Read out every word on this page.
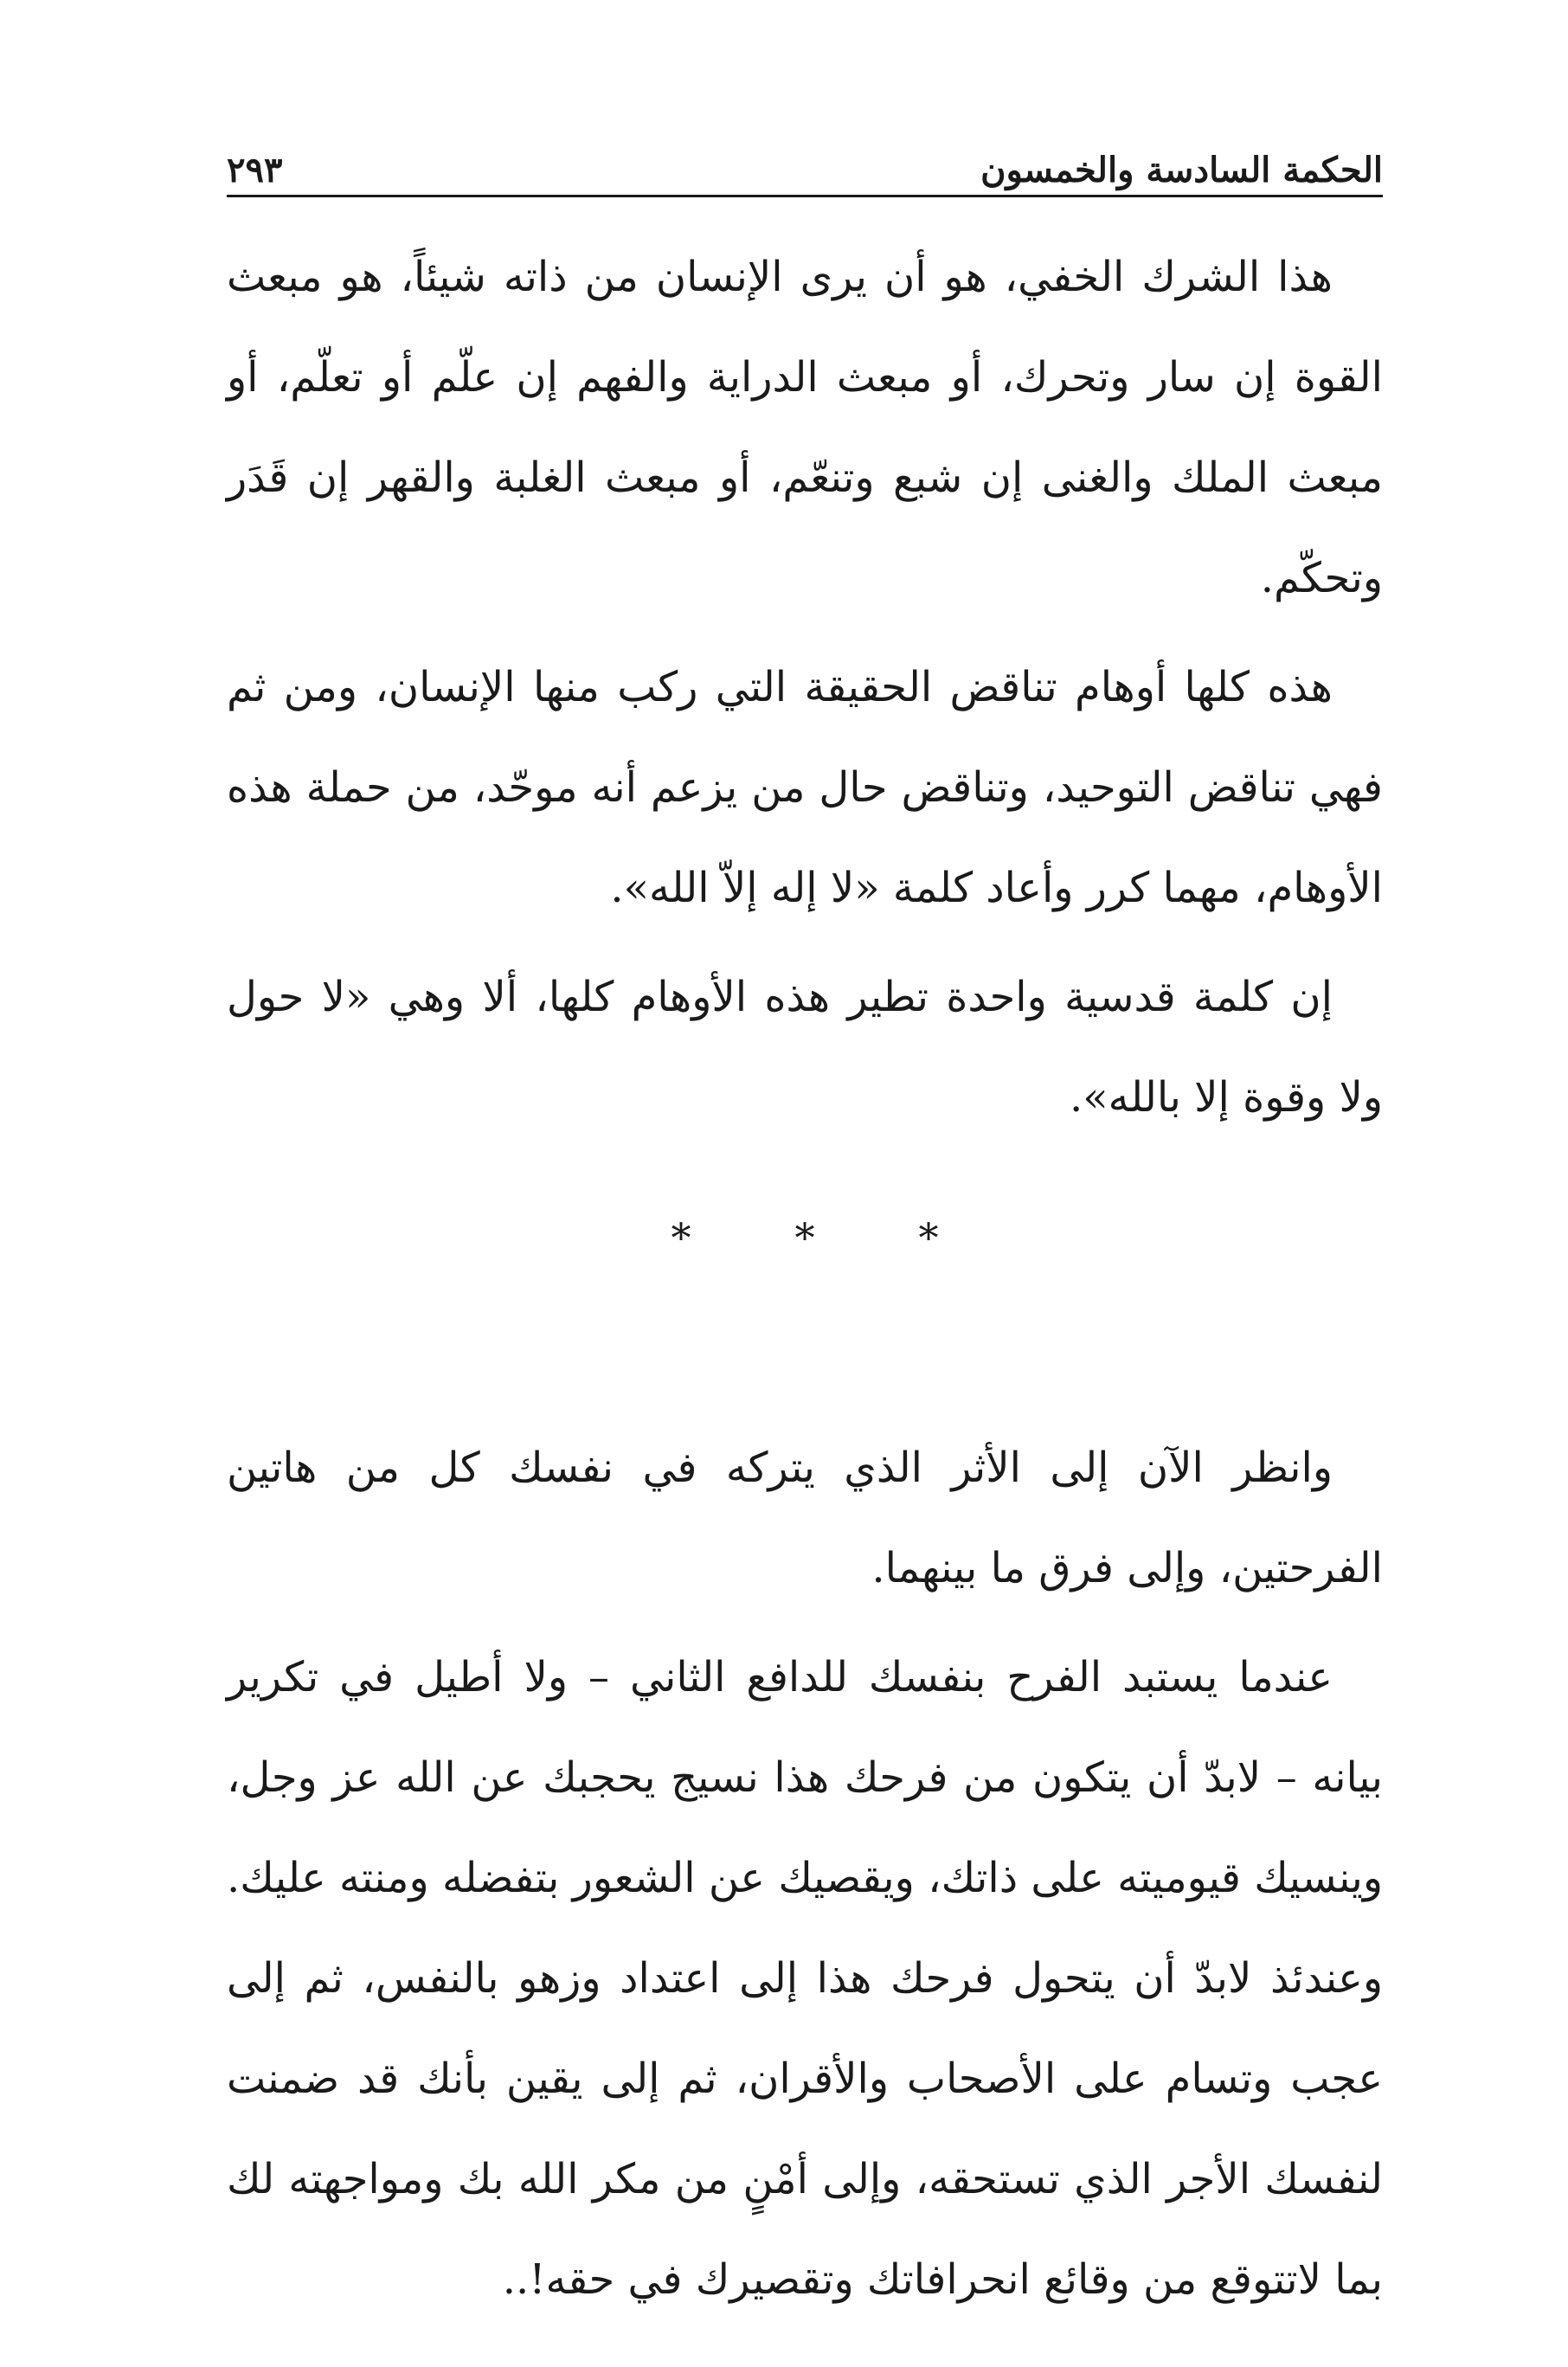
الحكمة السادسة والخمسون
٢٩٣

هذا الشرك الخفي، هو أن يرى الإنسان من ذاته شيئاً، هو مبعث القوة إن سار وتحرك، أو مبعث الدراية والفهم إن علّم أو تعلّم، أو مبعث الملك والغنى إن شبع وتنعّم، أو مبعث الغلبة والقهر إن قَدَر وتحكّم.

هذه كلها أوهام تناقض الحقيقة التي ركب منها الإنسان، ومن ثم فهي تناقض التوحيد، وتناقض حال من يزعم أنه موحّد، من حملة هذه الأوهام، مهما كرر وأعاد كلمة «لا إله إلاّ الله».

إن كلمة قدسية واحدة تطير هذه الأوهام كلها، ألا وهي «لا حول ولا وقوة إلا بالله».

*
*
*

وانظر الآن إلى الأثر الذي يتركه في نفسك كل من هاتين الفرحتين، وإلى فرق ما بينهما.

عندما يستبد الفرح بنفسك للدافع الثاني – ولا أطيل في تكرير بيانه – لابدّ أن يتكون من فرحك هذا نسيج يحجبك عن الله عز وجل، وينسيك قيوميته على ذاتك، ويقصيك عن الشعور بتفضله ومنته عليك. وعندئذ لابدّ أن يتحول فرحك هذا إلى اعتداد وزهو بالنفس، ثم إلى عجب وتسام على الأصحاب والأقران، ثم إلى يقين بأنك قد ضمنت لنفسك الأجر الذي تستحقه، وإلى أمْنٍ من مكر الله بك ومواجهته لك بما لاتتوقع من وقائع انحرافاتك وتقصيرك في حقه!..
